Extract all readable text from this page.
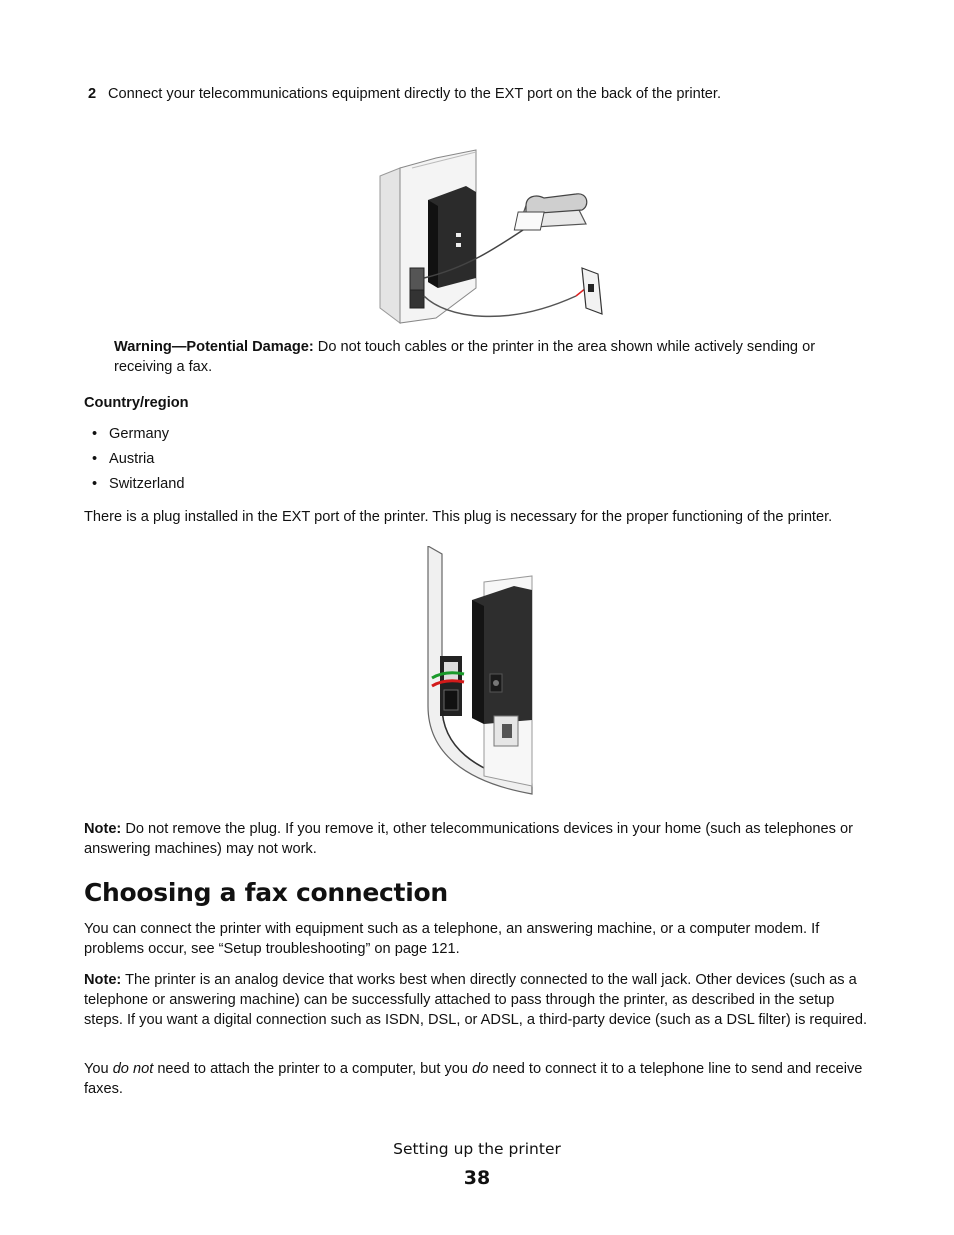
2 Connect your telecommunications equipment directly to the EXT port on the back of the printer.
Warning—Potential Damage: Do not touch cables or the printer in the area shown while actively sending or receiving a fax.
Country/region
• Germany
• Austria
• Switzerland
There is a plug installed in the EXT port of the printer. This plug is necessary for the proper functioning of the printer.
Note: Do not remove the plug. If you remove it, other telecommunications devices in your home (such as telephones or answering machines) may not work.
Choosing a fax connection
You can connect the printer with equipment such as a telephone, an answering machine, or a computer modem. If problems occur, see “Setup troubleshooting” on page 121.
Note: The printer is an analog device that works best when directly connected to the wall jack. Other devices (such as a telephone or answering machine) can be successfully attached to pass through the printer, as described in the setup steps. If you want a digital connection such as ISDN, DSL, or ADSL, a third-party device (such as a DSL filter) is required.
You do not need to attach the printer to a computer, but you do need to connect it to a telephone line to send and receive faxes.
Setting up the printer
38
